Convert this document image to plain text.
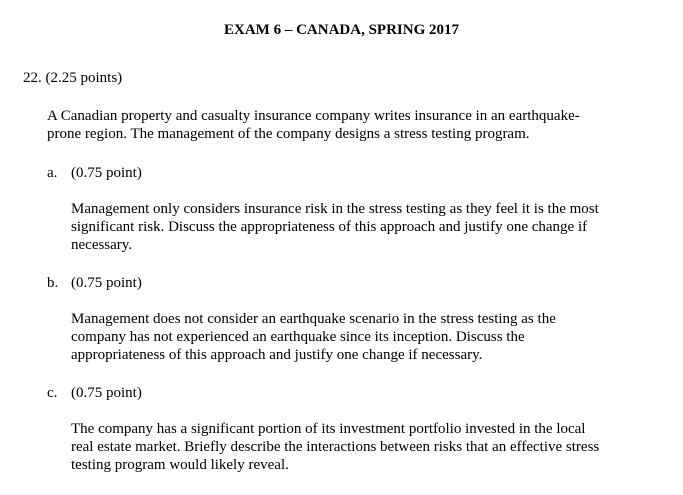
EXAM 6 – CANADA, SPRING 2017
22. (2.25 points)
A Canadian property and casualty insurance company writes insurance in an earthquake-
prone region. The management of the company designs a stress testing program.
a. (0.75 point)
Management only considers insurance risk in the stress testing as they feel it is the most
significant risk. Discuss the appropriateness of this approach and justify one change if
necessary.
b. (0.75 point)
Management does not consider an earthquake scenario in the stress testing as the
company has not experienced an earthquake since its inception. Discuss the
appropriateness of this approach and justify one change if necessary.
c. (0.75 point)
The company has a significant portion of its investment portfolio invested in the local
real estate market. Briefly describe the interactions between risks that an effective stress
testing program would likely reveal.
